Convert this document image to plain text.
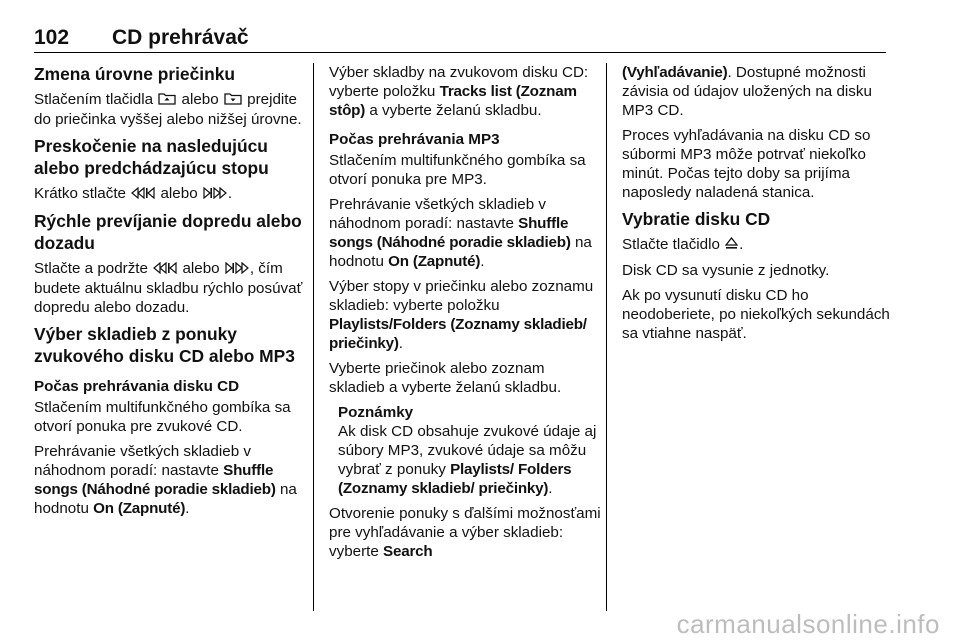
102 CD prehrávač
Zmena úrovne priečinku

Stlačením tlačidla alebo prejdite do priečinka vyššej alebo nižšej úrovne.

Preskočenie na nasledujúcu alebo predchádzajúcu stopu

Krátko stlačte alebo .

Rýchle prevíjanie dopredu alebo dozadu

Stlačte a podržte alebo , čím budete aktuálnu skladbu rýchlo posúvať dopredu alebo dozadu.

Výber skladieb z ponuky zvukového disku CD alebo MP3
Počas prehrávania disku CD

Stlačením multifunkčného gombíka sa otvorí ponuka pre zvukové CD.

Prehrávanie všetkých skladieb v náhodnom poradí: nastavte Shuffle songs (Náhodné poradie skladieb) na hodnotu On (Zapnuté).

Výber skladby na zvukovom disku CD: vyberte položku Tracks list (Zoznam stôp) a vyberte želanú skladbu.

Počas prehrávania MP3

Stlačením multifunkčného gombíka sa otvorí ponuka pre MP3.

Prehrávanie všetkých skladieb v náhodnom poradí: nastavte Shuffle songs (Náhodné poradie skladieb) na hodnotu On (Zapnuté).

Výber stopy v priečinku alebo zoznamu skladieb: vyberte položku Playlists/Folders (Zoznamy skladieb/ priečinky).

Vyberte priečinok alebo zoznam skladieb a vyberte želanú skladbu.

Poznámky

Ak disk CD obsahuje zvukové údaje aj súbory MP3, zvukové údaje sa môžu vybrať z ponuky Playlists/ Folders (Zoznamy skladieb/ priečinky).

Otvorenie ponuky s ďalšími možnosťami pre vyhľadávanie a výber skladieb: vyberte Search

(Vyhľadávanie). Dostupné možnosti závisia od údajov uložených na disku MP3 CD.

Proces vyhľadávania na disku CD so súbormi MP3 môže potrvať niekoľko minút. Počas tejto doby sa prijíma naposledy naladená stanica.

Vybratie disku CD

Stlačte tlačidlo .

Disk CD sa vysunie z jednotky.

Ak po vysunutí disku CD ho neodoberiete, po niekoľkých sekundách sa vtiahne naspäť.

carmanualsonline.info
